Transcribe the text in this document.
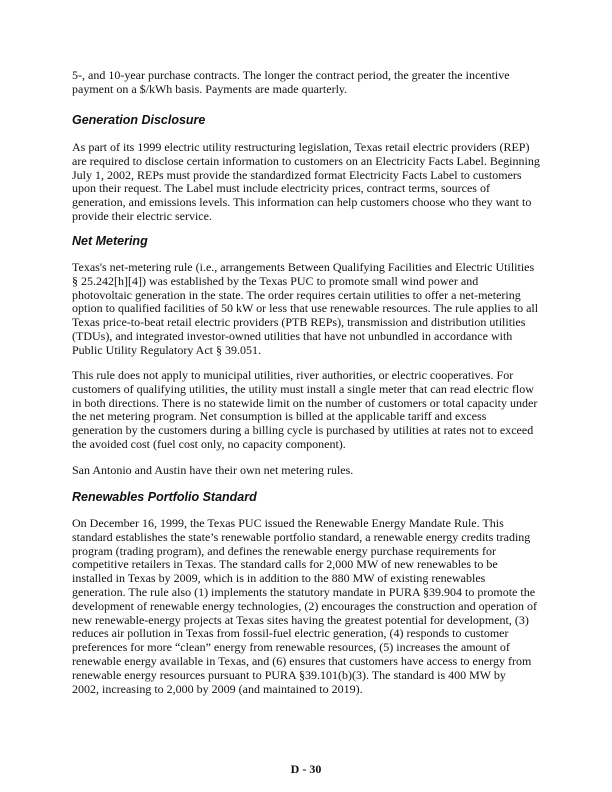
5-, and 10-year purchase contracts. The longer the contract period, the greater the incentive
payment on a $/kWh basis. Payments are made quarterly.
Generation Disclosure
As part of its 1999 electric utility restructuring legislation, Texas retail electric providers (REP)
are required to disclose certain information to customers on an Electricity Facts Label. Beginning
July 1, 2002, REPs must provide the standardized format Electricity Facts Label to customers
upon their request. The Label must include electricity prices, contract terms, sources of
generation, and emissions levels. This information can help customers choose who they want to
provide their electric service.
Net Metering
Texas's net-metering rule (i.e., arrangements Between Qualifying Facilities and Electric Utilities
§ 25.242[h][4]) was established by the Texas PUC to promote small wind power and
photovoltaic generation in the state. The order requires certain utilities to offer a net-metering
option to qualified facilities of 50 kW or less that use renewable resources. The rule applies to all
Texas price-to-beat retail electric providers (PTB REPs), transmission and distribution utilities
(TDUs), and integrated investor-owned utilities that have not unbundled in accordance with
Public Utility Regulatory Act § 39.051.
This rule does not apply to municipal utilities, river authorities, or electric cooperatives. For
customers of qualifying utilities, the utility must install a single meter that can read electric flow
in both directions. There is no statewide limit on the number of customers or total capacity under
the net metering program. Net consumption is billed at the applicable tariff and excess
generation by the customers during a billing cycle is purchased by utilities at rates not to exceed
the avoided cost (fuel cost only, no capacity component).
San Antonio and Austin have their own net metering rules.
Renewables Portfolio Standard
On December 16, 1999, the Texas PUC issued the Renewable Energy Mandate Rule. This
standard establishes the state’s renewable portfolio standard, a renewable energy credits trading
program (trading program), and defines the renewable energy purchase requirements for
competitive retailers in Texas. The standard calls for 2,000 MW of new renewables to be
installed in Texas by 2009, which is in addition to the 880 MW of existing renewables
generation. The rule also (1) implements the statutory mandate in PURA §39.904 to promote the
development of renewable energy technologies, (2) encourages the construction and operation of
new renewable-energy projects at Texas sites having the greatest potential for development, (3)
reduces air pollution in Texas from fossil-fuel electric generation, (4) responds to customer
preferences for more “clean” energy from renewable resources, (5) increases the amount of
renewable energy available in Texas, and (6) ensures that customers have access to energy from
renewable energy resources pursuant to PURA §39.101(b)(3). The standard is 400 MW by
2002, increasing to 2,000 by 2009 (and maintained to 2019).
D - 30
